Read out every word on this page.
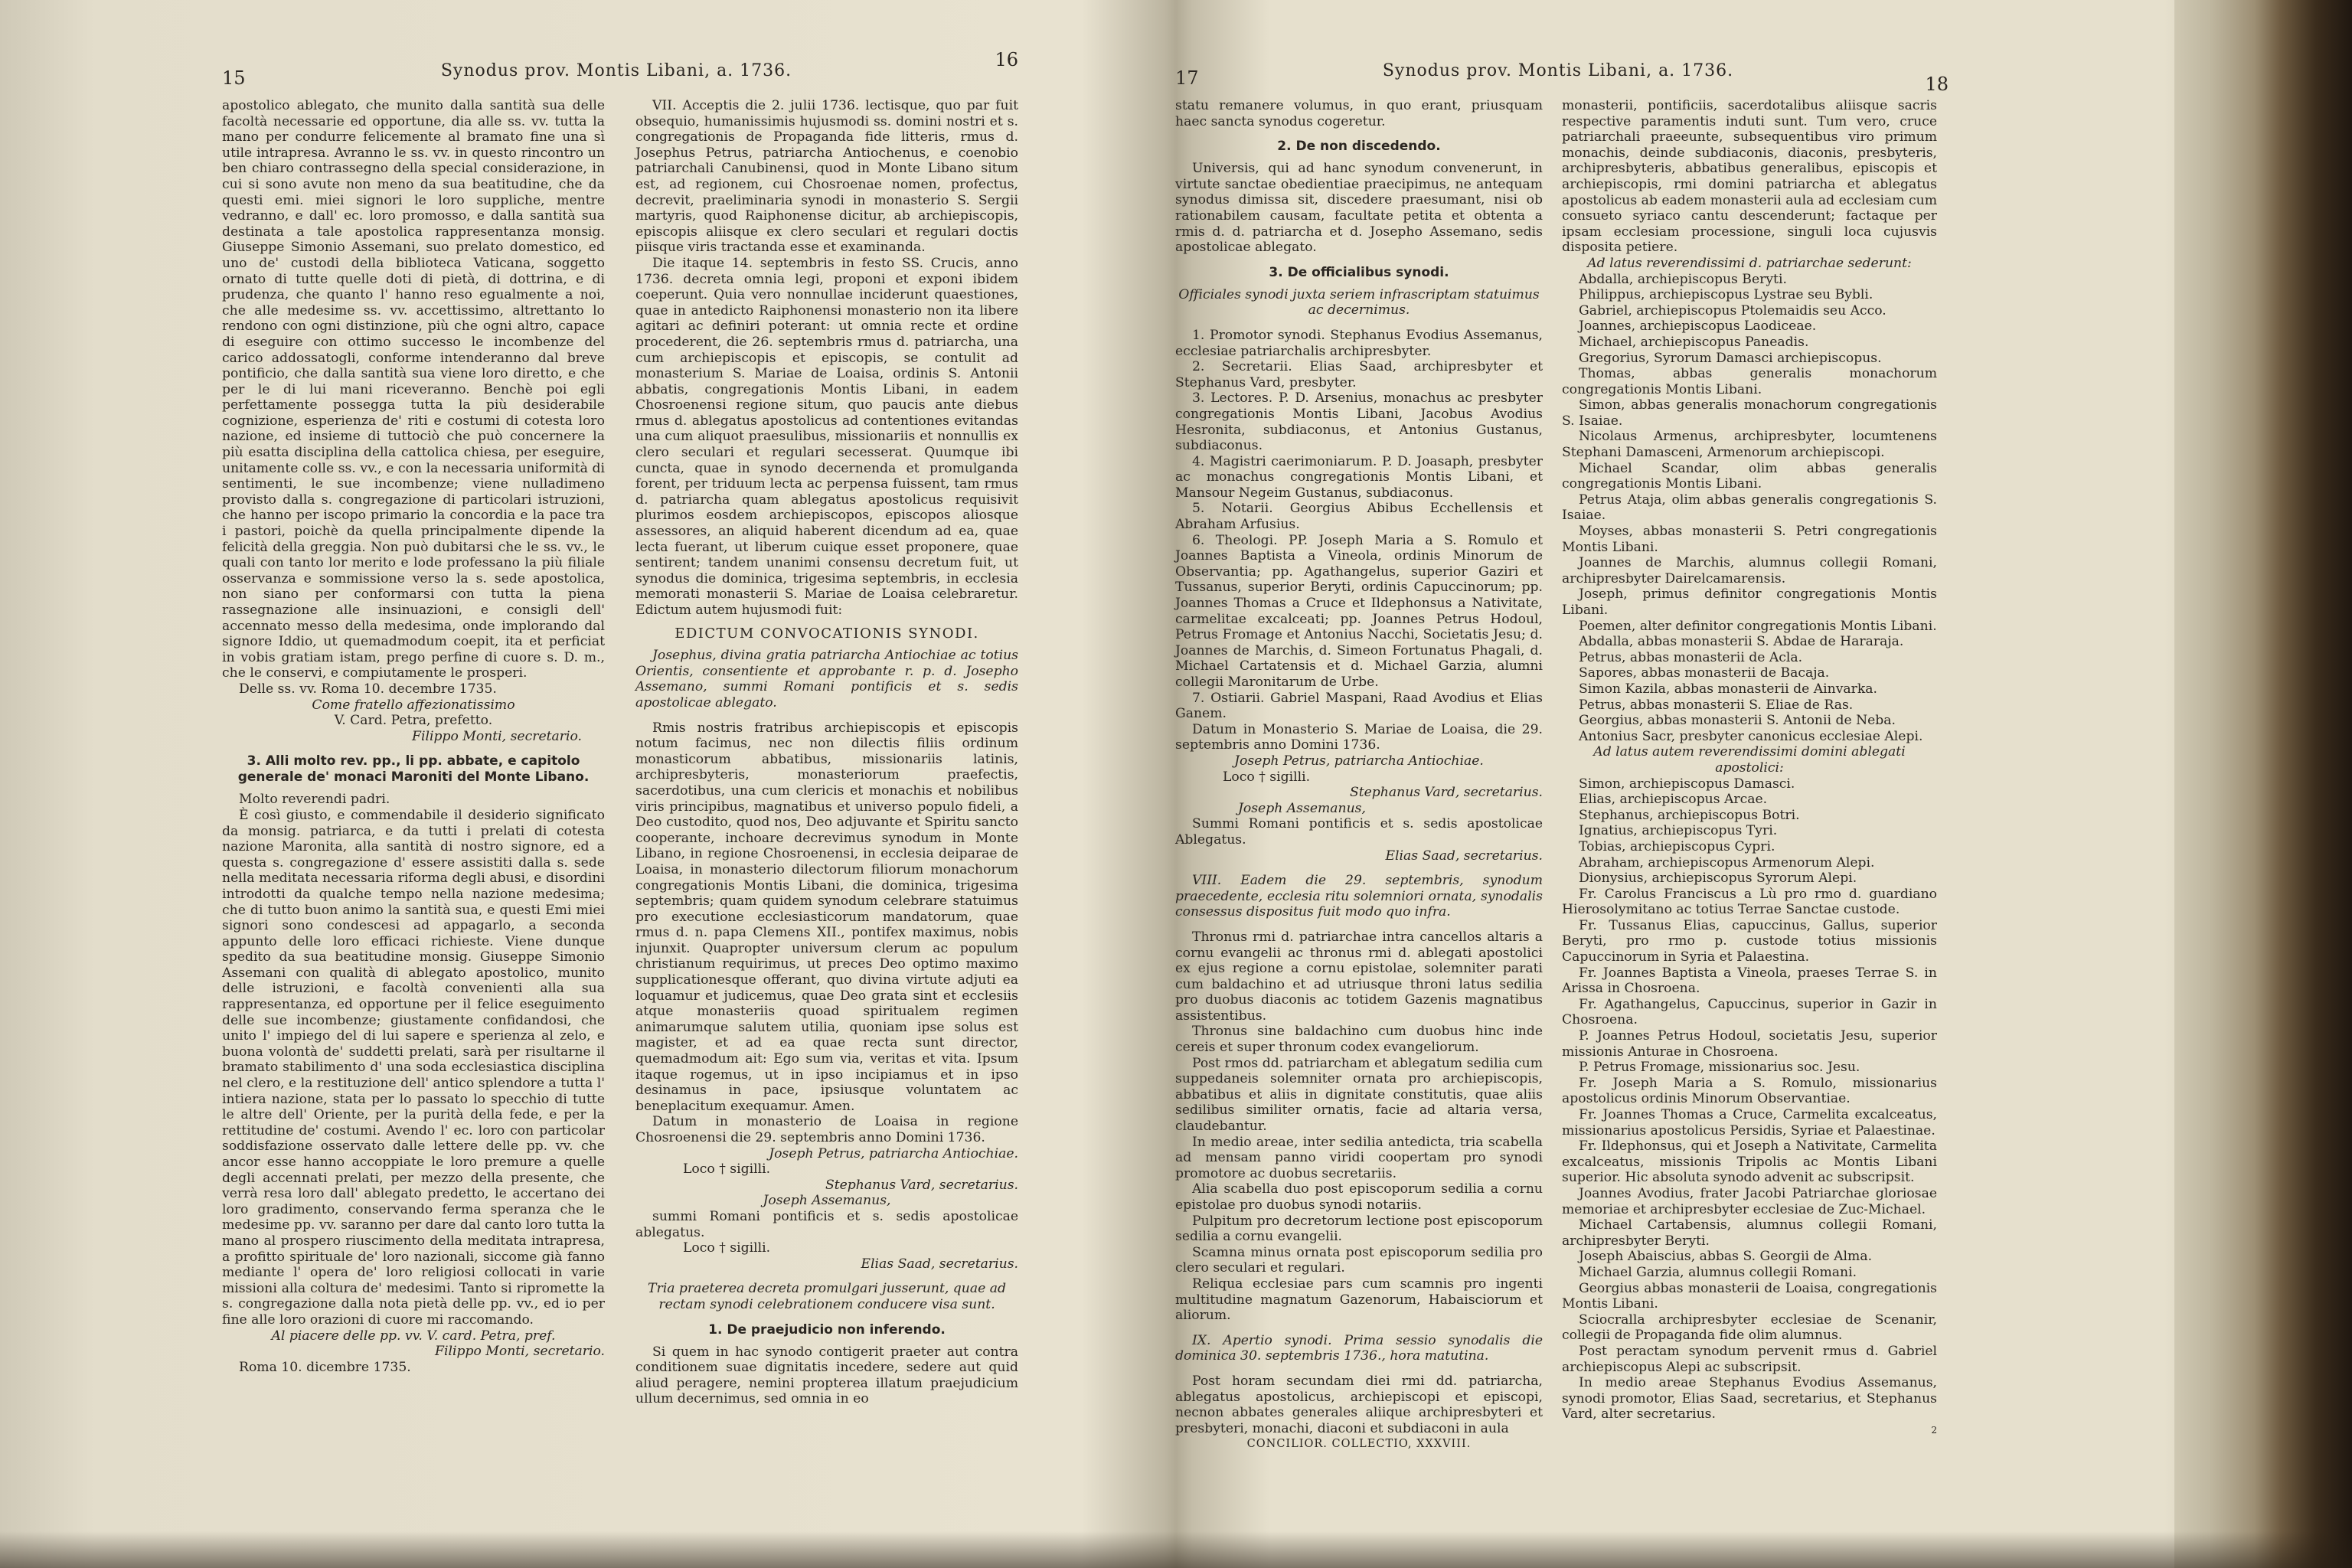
15	Synodus prov. Montis Libani, a. 1736.
16

apostolico ablegato, che munito dalla santità sua delle facoltà necessarie ed opportune, dia alle ss. vv. tutta la mano per condurre felicemente al bramato fine una sì utile intrapresa. Avranno le ss. vv. in questo rincontro un ben chiaro contrassegno della special considerazione, in cui si sono avute non meno da sua beatitudine, che da questi emi. miei signori le loro suppliche, mentre vedranno, e dall' ec. loro promosso, e dalla santità sua destinata a tale apostolica rappresentanza monsig. Giuseppe Simonio Assemani, suo prelato domestico, ed uno de' custodi della biblioteca Vaticana, soggetto ornato di tutte quelle doti di pietà, di dottrina, e di prudenza, che quanto l' hanno reso egualmente a noi, che alle medesime ss. vv. accettissimo, altrettanto lo rendono con ogni distinzione, più che ogni altro, capace di eseguire con ottimo successo le incombenze del carico addossatogli, conforme intenderanno dal breve pontificio, che dalla santità sua viene loro diretto, e che per le di lui mani riceveranno. Benchè poi egli perfettamente possegga tutta la più desiderabile cognizione, esperienza de' riti e costumi di cotesta loro nazione, ed insieme di tuttociò che può concernere la più esatta disciplina della cattolica chiesa, per eseguire, unitamente colle ss. vv., e con la necessaria uniformità di sentimenti, le sue incombenze; viene nulladimeno provisto dalla s. congregazione di particolari istruzioni, che hanno per iscopo primario la concordia e la pace tra i pastori, poichè da quella principalmente dipende la felicità della greggia. Non può dubitarsi che le ss. vv., le quali con tanto lor merito e lode professano la più filiale osservanza e sommissione verso la s. sede apostolica, non siano per conformarsi con tutta la piena rassegnazione alle insinuazioni, e consigli dell' accennato messo della medesima, onde implorando dal signore Iddio, ut quemadmodum coepit, ita et perficiat in vobis gratiam istam, prego perfine di cuore s. D. m., che le conservi, e compiutamente le prosperi.

Delle ss. vv. Roma 10. decembre 1735.

Come fratello affezionatissimo

V. Card. Petra, prefetto.

Filippo Monti, secretario.

3. Alli molto rev. pp., li pp. abbate, e capitolo generale de' monaci Maroniti del Monte Libano.

Molto reverendi padri.

È così giusto, e commendabile il desiderio significato da monsig. patriarca, e da tutti i prelati di cotesta nazione Maronita, alla santità di nostro signore, ed a questa s. congregazione d' essere assistiti dalla s. sede nella meditata necessaria riforma degli abusi, e disordini introdotti da qualche tempo nella nazione medesima; che di tutto buon animo la santità sua, e questi Emi miei signori sono condescesi ad appagarlo, a seconda appunto delle loro efficaci richieste. Viene dunque spedito da sua beatitudine monsig. Giuseppe Simonio Assemani con qualità di ablegato apostolico, munito delle istruzioni, e facoltà convenienti alla sua rappresentanza, ed opportune per il felice eseguimento delle sue incombenze; giustamente confidandosi, che unito l' impiego del di lui sapere e sperienza al zelo, e buona volontà de' suddetti prelati, sarà per risultarne il bramato stabilimento d' una soda ecclesiastica disciplina nel clero, e la restituzione dell' antico splendore a tutta l' intiera nazione, stata per lo passato lo specchio di tutte le altre dell' Oriente, per la purità della fede, e per la rettitudine de' costumi. Avendo l' ec. loro con particolar soddisfazione osservato dalle lettere delle pp. vv. che ancor esse hanno accoppiate le loro premure a quelle degli accennati prelati, per mezzo della presente, che verrà resa loro dall' ablegato predetto, le accertano dei loro gradimento, conservando ferma speranza che le medesime pp. vv. saranno per dare dal canto loro tutta la mano al prospero riuscimento della meditata intrapresa, a profitto spirituale de' loro nazionali, siccome già fanno mediante l' opera de' loro religiosi collocati in varie missioni alla coltura de' medesimi. Tanto si ripromette la s. congregazione dalla nota pietà delle pp. vv., ed io per fine alle loro orazioni di cuore mi raccomando.

Al piacere delle pp. vv. V. card. Petra, pref.

Filippo Monti, secretario.

Roma 10. dicembre 1735.

VII. Acceptis die 2. julii 1736. lectisque, quo par fuit obsequio, humanissimis hujusmodi ss. domini nostri et s. congregationis de Propaganda fide litteris, rmus d. Josephus Petrus, patriarcha Antiochenus, e coenobio patriarchali Canubinensi, quod in Monte Libano situm est, ad regionem, cui Chosroenae nomen, profectus, decrevit, praeliminaria synodi in monasterio S. Sergii martyris, quod Raiphonense dicitur, ab archiepiscopis, episcopis aliisque ex clero seculari et regulari doctis piisque viris tractanda esse et examinanda.

Die itaque 14. septembris in festo SS. Crucis, anno 1736. decreta omnia legi, proponi et exponi ibidem coeperunt. Quia vero nonnullae inciderunt quaestiones, quae in antedicto Raiphonensi monasterio non ita libere agitari ac definiri poterant: ut omnia recte et ordine procederent, die 26. septembris rmus d. patriarcha, una cum archiepiscopis et episcopis, se contulit ad monasterium S. Mariae de Loaisa, ordinis S. Antonii abbatis, congregationis Montis Libani, in eadem Chosroenensi regione situm, quo paucis ante diebus rmus d. ablegatus apostolicus ad contentiones evitandas una cum aliquot praesulibus, missionariis et nonnullis ex clero seculari et regulari secesserat. Quumque ibi cuncta, quae in synodo decernenda et promulganda forent, per triduum lecta ac perpensa fuissent, tam rmus d. patriarcha quam ablegatus apostolicus requisivit plurimos eosdem archiepiscopos, episcopos aliosque assessores, an aliquid haberent dicendum ad ea, quae lecta fuerant, ut liberum cuique esset proponere, quae sentirent; tandem unanimi consensu decretum fuit, ut synodus die dominica, trigesima septembris, in ecclesia memorati monasterii S. Mariae de Loaisa celebraretur. Edictum autem hujusmodi fuit:

EDICTUM CONVOCATIONIS SYNODI.

Josephus, divina gratia patriarcha Antiochiae ac totius Orientis, consentiente et approbante r. p. d. Josepho Assemano, summi Romani pontificis et s. sedis apostolicae ablegato.

Rmis nostris fratribus archiepiscopis et episcopis notum facimus, nec non dilectis filiis ordinum monasticorum abbatibus, missionariis latinis, archipresbyteris, monasteriorum praefectis, sacerdotibus, una cum clericis et monachis et nobilibus viris principibus, magnatibus et universo populo fideli, a Deo custodito, quod nos, Deo adjuvante et Spiritu sancto cooperante, inchoare decrevimus synodum in Monte Libano, in regione Chosroenensi, in ecclesia deiparae de Loaisa, in monasterio dilectorum filiorum monachorum congregationis Montis Libani, die dominica, trigesima septembris; quam quidem synodum celebrare statuimus pro executione ecclesiasticorum mandatorum, quae rmus d. n. papa Clemens XII., pontifex maximus, nobis injunxit. Quapropter universum clerum ac populum christianum requirimus, ut preces Deo optimo maximo supplicationesque offerant, quo divina virtute adjuti ea loquamur et judicemus, quae Deo grata sint et ecclesiis atque monasteriis quoad spiritualem regimen animarumque salutem utilia, quoniam ipse solus est magister, et ad ea quae recta sunt director, quemadmodum ait: Ego sum via, veritas et vita. Ipsum itaque rogemus, ut in ipso incipiamus et in ipso desinamus in pace, ipsiusque voluntatem ac beneplacitum exequamur. Amen.

Datum in monasterio de Loaisa in regione Chosroenensi die 29. septembris anno Domini 1736.

Joseph Petrus, patriarcha Antiochiae.

Loco † sigilli.

Stephanus Vard, secretarius.

Joseph Assemanus,

summi Romani pontificis et s. sedis apostolicae ablegatus.

Loco † sigilli.

Elias Saad, secretarius.

Tria praeterea decreta promulgari jusserunt, quae ad rectam synodi celebrationem conducere visa sunt.

1. De praejudicio non inferendo.

Si quem in hac synodo contigerit praeter aut contra conditionem suae dignitatis incedere, sedere aut quid aliud peragere, nemini propterea illatum praejudicium ullum decernimus, sed omnia in eo

17	Synodus prov. Montis Libani, a. 1736.
18

statu remanere volumus, in quo erant, priusquam haec sancta synodus cogeretur.

2. De non discedendo.

Universis, qui ad hanc synodum convenerunt, in virtute sanctae obedientiae praecipimus, ne antequam synodus dimissa sit, discedere praesumant, nisi ob rationabilem causam, facultate petita et obtenta a rmis d. d. patriarcha et d. Josepho Assemano, sedis apostolicae ablegato.

3. De officialibus synodi.

Officiales synodi juxta seriem infrascriptam statuimus ac decernimus.

1. Promotor synodi. Stephanus Evodius Assemanus, ecclesiae patriarchalis archipresbyter.

2. Secretarii. Elias Saad, archipresbyter et Stephanus Vard, presbyter.

3. Lectores. P. D. Arsenius, monachus ac presbyter congregationis Montis Libani, Jacobus Avodius Hesronita, subdiaconus, et Antonius Gustanus, subdiaconus.

4. Magistri caerimoniarum. P. D. Joasaph, presbyter ac monachus congregationis Montis Libani, et Mansour Negeim Gustanus, subdiaconus.

5. Notarii. Georgius Abibus Ecchellensis et Abraham Arfusius.

6. Theologi. PP. Joseph Maria a S. Romulo et Joannes Baptista a Vineola, ordinis Minorum de Observantia; pp. Agathangelus, superior Gaziri et Tussanus, superior Beryti, ordinis Capuccinorum; pp. Joannes Thomas a Cruce et Ildephonsus a Nativitate, carmelitae excalceati; pp. Joannes Petrus Hodoul, Petrus Fromage et Antonius Nacchi, Societatis Jesu; d. Joannes de Marchis, d. Simeon Fortunatus Phagali, d. Michael Cartatensis et d. Michael Garzia, alumni collegii Maronitarum de Urbe.

7. Ostiarii. Gabriel Maspani, Raad Avodius et Elias Ganem.

Datum in Monasterio S. Mariae de Loaisa, die 29. septembris anno Domini 1736.

Joseph Petrus, patriarcha Antiochiae.

Loco † sigilli.

Stephanus Vard, secretarius.

Joseph Assemanus,

Summi Romani pontificis et s. sedis apostolicae Ablegatus.

Elias Saad, secretarius.

VIII. Eadem die 29. septembris, synodum praecedente, ecclesia ritu solemniori ornata, synodalis consessus dispositus fuit modo quo infra.

Thronus rmi d. patriarchae intra cancellos altaris a cornu evangelii ac thronus rmi d. ablegati apostolici ex ejus regione a cornu epistolae, solemniter parati cum baldachino et ad utriusque throni latus sedilia pro duobus diaconis ac totidem Gazenis magnatibus assistentibus.

Thronus sine baldachino cum duobus hinc inde cereis et super thronum codex evangeliorum.

Post rmos dd. patriarcham et ablegatum sedilia cum suppedaneis solemniter ornata pro archiepiscopis, abbatibus et aliis in dignitate constitutis, quae aliis sedilibus similiter ornatis, facie ad altaria versa, claudebantur.

In medio areae, inter sedilia antedicta, tria scabella ad mensam panno viridi coopertam pro synodi promotore ac duobus secretariis.

Alia scabella duo post episcoporum sedilia a cornu epistolae pro duobus synodi notariis.

Pulpitum pro decretorum lectione post episcoporum sedilia a cornu evangelii.

Scamna minus ornata post episcoporum sedilia pro clero seculari et regulari.

Reliqua ecclesiae pars cum scamnis pro ingenti multitudine magnatum Gazenorum, Habaisciorum et aliorum.

IX. Apertio synodi. Prima sessio synodalis die dominica 30. septembris 1736., hora matutina.

Post horam secundam diei rmi dd. patriarcha, ablegatus apostolicus, archiepiscopi et episcopi, necnon abbates generales aliique archipresbyteri et presbyteri, monachi, diaconi et subdiaconi in aula

CONCILIOR. COLLECTIO, XXXVIII.

monasterii, pontificiis, sacerdotalibus aliisque sacris respective paramentis induti sunt. Tum vero, cruce patriarchali praeeunte, subsequentibus viro primum monachis, deinde subdiaconis, diaconis, presbyteris, archipresbyteris, abbatibus generalibus, episcopis et archiepiscopis, rmi domini patriarcha et ablegatus apostolicus ab eadem monasterii aula ad ecclesiam cum consueto syriaco cantu descenderunt; factaque per ipsam ecclesiam processione, singuli loca cujusvis disposita petiere.

Ad latus reverendissimi d. patriarchae sederunt:

Abdalla, archiepiscopus Beryti.

Philippus, archiepiscopus Lystrae seu Bybli.

Gabriel, archiepiscopus Ptolemaidis seu Acco.

Joannes, archiepiscopus Laodiceae.

Michael, archiepiscopus Paneadis.

Gregorius, Syrorum Damasci archiepiscopus.

Thomas, abbas generalis monachorum congregationis Montis Libani.

Simon, abbas generalis monachorum congregationis S. Isaiae.

Nicolaus Armenus, archipresbyter, locumtenens Stephani Damasceni, Armenorum archiepiscopi.

Michael Scandar, olim abbas generalis congregationis Montis Libani.

Petrus Ataja, olim abbas generalis congregationis S. Isaiae.

Moyses, abbas monasterii S. Petri congregationis Montis Libani.

Joannes de Marchis, alumnus collegii Romani, archipresbyter Dairelcamarensis.

Joseph, primus definitor congregationis Montis Libani.

Poemen, alter definitor congregationis Montis Libani.

Abdalla, abbas monasterii S. Abdae de Hararaja.

Petrus, abbas monasterii de Acla.

Sapores, abbas monasterii de Bacaja.

Simon Kazila, abbas monasterii de Ainvarka.

Petrus, abbas monasterii S. Eliae de Ras.

Georgius, abbas monasterii S. Antonii de Neba.

Antonius Sacr, presbyter canonicus ecclesiae Alepi.

Ad latus autem reverendissimi domini ablegati apostolici:

Simon, archiepiscopus Damasci.

Elias, archiepiscopus Arcae.

Stephanus, archiepiscopus Botri.

Ignatius, archiepiscopus Tyri.

Tobias, archiepiscopus Cypri.

Abraham, archiepiscopus Armenorum Alepi.

Dionysius, archiepiscopus Syrorum Alepi.

Fr. Carolus Franciscus a Lù pro rmo d. guardiano Hierosolymitano ac totius Terrae Sanctae custode.

Fr. Tussanus Elias, capuccinus, Gallus, superior Beryti, pro rmo p. custode totius missionis Capuccinorum in Syria et Palaestina.

Fr. Joannes Baptista a Vineola, praeses Terrae S. in Arissa in Chosroena.

Fr. Agathangelus, Capuccinus, superior in Gazir in Chosroena.

P. Joannes Petrus Hodoul, societatis Jesu, superior missionis Anturae in Chosroena.

P. Petrus Fromage, missionarius soc. Jesu.

Fr. Joseph Maria a S. Romulo, missionarius apostolicus ordinis Minorum Observantiae.

Fr. Joannes Thomas a Cruce, Carmelita excalceatus, missionarius apostolicus Persidis, Syriae et Palaestinae.

Fr. Ildephonsus, qui et Joseph a Nativitate, Carmelita excalceatus, missionis Tripolis ac Montis Libani superior. Hic absoluta synodo advenit ac subscripsit.

Joannes Avodius, frater Jacobi Patriarchae gloriosae memoriae et archipresbyter ecclesiae de Zuc-Michael.

Michael Cartabensis, alumnus collegii Romani, archipresbyter Beryti.

Joseph Abaiscius, abbas S. Georgii de Alma.

Michael Garzia, alumnus collegii Romani.

Georgius abbas monasterii de Loaisa, congregationis Montis Libani.

Sciocralla archipresbyter ecclesiae de Scenanir, collegii de Propaganda fide olim alumnus.

Post peractam synodum pervenit rmus d. Gabriel archiepiscopus Alepi ac subscripsit.

In medio areae Stephanus Evodius Assemanus, synodi promotor, Elias Saad, secretarius, et Stephanus Vard, alter secretarius.

2
